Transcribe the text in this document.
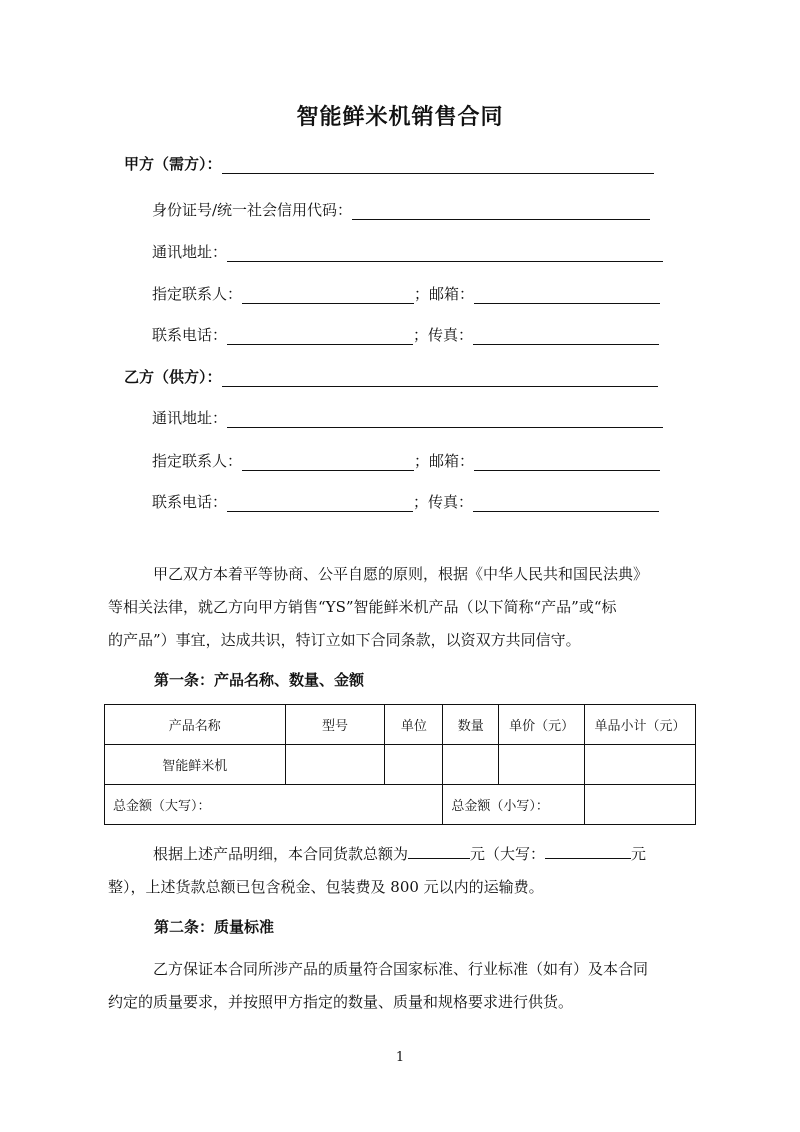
智能鲜米机销售合同
甲方（需方）：
身份证号/统一社会信用代码：
通讯地址：
指定联系人：	；邮箱：
联系电话：	；传真：
乙方（供方）：
通讯地址：
指定联系人：	；邮箱：
联系电话：	；传真：
甲乙双方本着平等协商、公平自愿的原则，根据《中华人民共和国民法典》
等相关法律，就乙方向甲方销售“YS”智能鲜米机产品（以下简称“产品”或“标
的产品”）事宜，达成共识，特订立如下合同条款，以资双方共同信守。
第一条：产品名称、数量、金额
产品名称	型号	单位	数量	单价（元）	单品小计（元）
智能鲜米机					
总金额（大写）：			总金额（小写）：		
根据上述产品明细，本合同货款总额为	元（大写：	元
整），上述货款总额已包含税金、包装费及 800 元以内的运输费。
第二条：质量标准
乙方保证本合同所涉产品的质量符合国家标准、行业标准（如有）及本合同
约定的质量要求，并按照甲方指定的数量、质量和规格要求进行供货。
1
